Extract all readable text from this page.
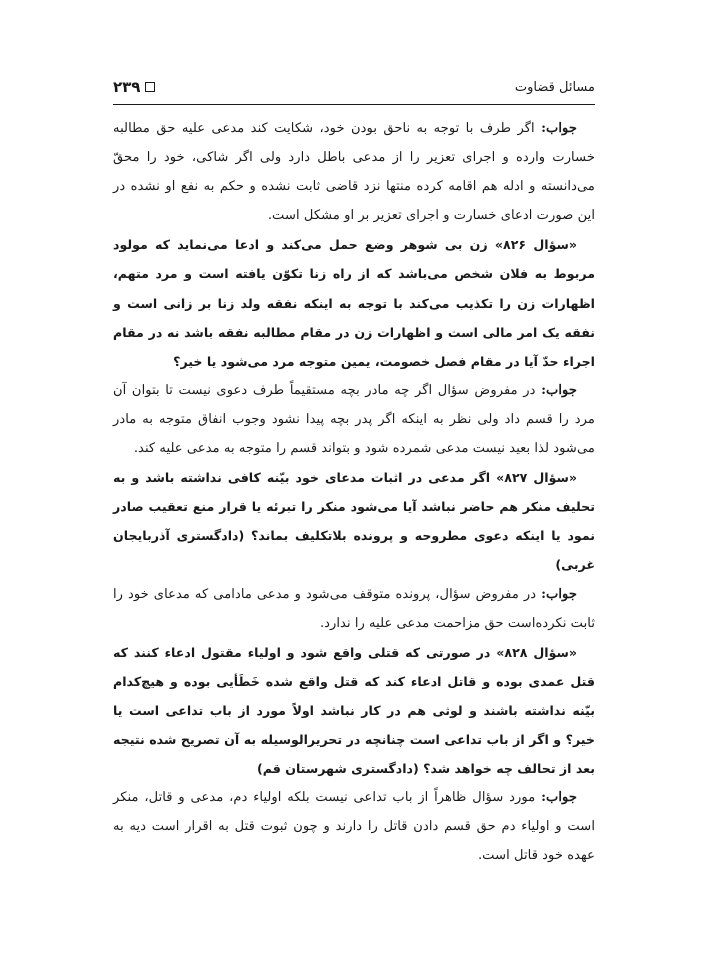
مسائل قضاوت
۲۳۹

جواب: اگر طرف با توجه به ناحق بودن خود، شکایت کند مدعی علیه حق مطالبه خسارت وارده و اجرای تعزیر را از مدعی باطل دارد ولی اگر شاکی، خود را محقّ می‌دانسته و ادله هم اقامه کرده منتها نزد قاضی ثابت نشده و حکم به نفع او نشده در این صورت ادعای خسارت و اجرای تعزیر بر او مشکل است.

«سؤال ۸۲۶» زن بی شوهر وضع حمل می‌کند و ادعا می‌نماید که مولود مربوط به فلان شخص می‌باشد که از راه زنا تکوّن یافته است و مرد متهم، اظهارات زن را تکذیب می‌کند با توجه به اینکه نفقه ولد زنا بر زانی است و نفقه یک امر مالی است و اظهارات زن در مقام مطالبه نفقه باشد نه در مقام اجراء حدّ آیا در مقام فصل خصومت، یمین متوجه مرد می‌شود یا خیر؟

جواب: در مفروض سؤال اگر چه مادر بچه مستقیماً طرف دعوی نیست تا بتوان آن مرد را قسم داد ولی نظر به اینکه اگر پدر بچه پیدا نشود وجوب انفاق متوجه به مادر می‌شود لذا بعید نیست مدعی شمرده شود و بتواند قسم را متوجه به مدعی علیه کند.

«سؤال ۸۲۷» اگر مدعی در اثبات مدعای خود بیّنه کافی نداشته باشد و به تحلیف منکر هم حاضر نباشد آیا می‌شود منکر را تبرئه یا قرار منع تعقیب صادر نمود یا اینکه دعوی مطروحه و پرونده بلاتکلیف بماند؟ (دادگستری آذربایجان غربی)

جواب: در مفروض سؤال، پرونده متوقف می‌شود و مدعی مادامی که مدعای خود را ثابت نکرده‌است حق مزاحمت مدعی علیه را ندارد.

«سؤال ۸۲۸» در صورتی که قتلی واقع شود و اولیاء مقتول ادعاء کنند که قتل عمدی بوده و قاتل ادعاء کند که قتل واقع شده خَطَأیی بوده و هیچ‌کدام بیّنه نداشته باشند و لوثی هم در کار نباشد اولاً مورد از باب تداعی است یا خیر؟ و اگر از باب تداعی است چنانچه در تحریرالوسیله به آن تصریح شده نتیجه بعد از تحالف چه خواهد شد؟ (دادگستری شهرستان قم)

جواب: مورد سؤال ظاهراً از باب تداعی نیست بلکه اولیاء دم، مدعی و قاتل، منکر است و اولیاء دم حق قسم دادن قاتل را دارند و چون ثبوت قتل به اقرار است دیه به عهده خود قاتل است.
